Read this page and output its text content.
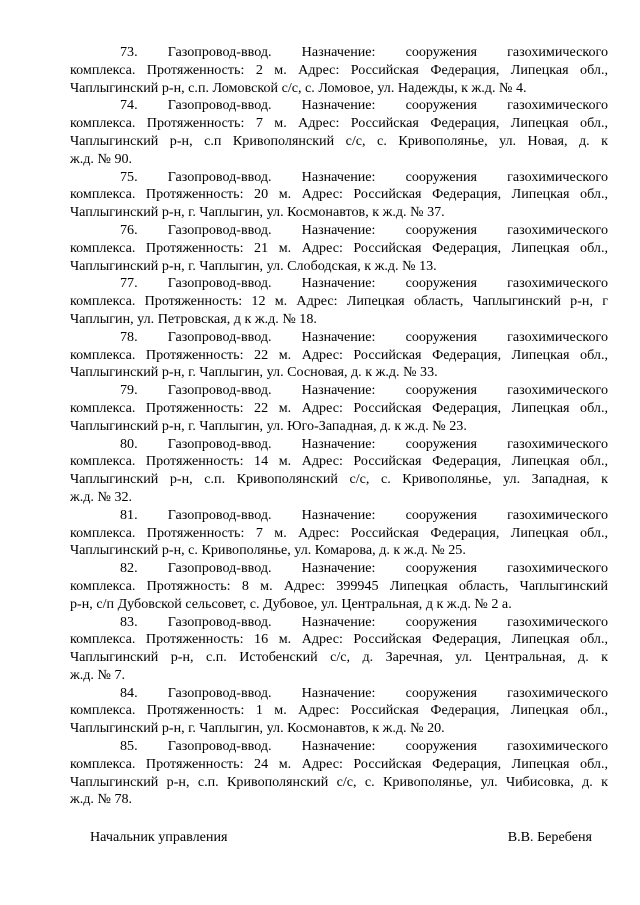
73. Газопровод-ввод. Назначение: сооружения газохимического

комплекса. Протяженность: 2 м. Адрес: Российская Федерация, Липецкая обл.,

Чаплыгинский р-н, с.п. Ломовской с/с, с. Ломовое, ул. Надежды, к ж.д. № 4.

74. Газопровод-ввод. Назначение: сооружения газохимического

комплекса. Протяженность: 7 м. Адрес: Российская Федерация, Липецкая обл.,

Чаплыгинский р-н, с.п Кривополянский с/с, с. Кривополянье, ул. Новая, д. к

ж.д. № 90.

75. Газопровод-ввод. Назначение: сооружения газохимического

комплекса. Протяженность: 20 м. Адрес: Российская Федерация, Липецкая обл.,

Чаплыгинский р-н, г. Чаплыгин, ул. Космонавтов, к ж.д. № 37.

76. Газопровод-ввод. Назначение: сооружения газохимического

комплекса. Протяженность: 21 м. Адрес: Российская Федерация, Липецкая обл.,

Чаплыгинский р-н, г. Чаплыгин, ул. Слободская, к ж.д. № 13.

77. Газопровод-ввод. Назначение: сооружения газохимического

комплекса. Протяженность: 12 м. Адрес: Липецкая область, Чаплыгинский р-н, г

Чаплыгин, ул. Петровская, д к ж.д. № 18.

78. Газопровод-ввод. Назначение: сооружения газохимического

комплекса. Протяженность: 22 м. Адрес: Российская Федерация, Липецкая обл.,

Чаплыгинский р-н, г. Чаплыгин, ул. Сосновая, д. к ж.д. № 33.

79. Газопровод-ввод. Назначение: сооружения газохимического

комплекса. Протяженность: 22 м. Адрес: Российская Федерация, Липецкая обл.,

Чаплыгинский р-н, г. Чаплыгин, ул. Юго-Западная, д. к ж.д. № 23.

80. Газопровод-ввод. Назначение: сооружения газохимического

комплекса. Протяженность: 14 м. Адрес: Российская Федерация, Липецкая обл.,

Чаплыгинский р-н, с.п. Кривополянский с/с, с. Кривополянье, ул. Западная, к

ж.д. № 32.

81. Газопровод-ввод. Назначение: сооружения газохимического

комплекса. Протяженность: 7 м. Адрес: Российская Федерация, Липецкая обл.,

Чаплыгинский р-н, с. Кривополянье, ул. Комарова, д. к ж.д. № 25.

82. Газопровод-ввод. Назначение: сооружения газохимического

комплекса. Протяжность: 8 м. Адрес: 399945 Липецкая область, Чаплыгинский

р-н, с/п Дубовской сельсовет, с. Дубовое, ул. Центральная, д к ж.д. № 2 а.

83. Газопровод-ввод. Назначение: сооружения газохимического

комплекса. Протяженность: 16 м. Адрес: Российская Федерация, Липецкая обл.,

Чаплыгинский р-н, с.п. Истобенский с/с, д. Заречная, ул. Центральная, д. к

ж.д. № 7.

84. Газопровод-ввод. Назначение: сооружения газохимического

комплекса. Протяженность: 1 м. Адрес: Российская Федерация, Липецкая обл.,

Чаплыгинский р-н, г. Чаплыгин, ул. Космонавтов, к ж.д. № 20.

85. Газопровод-ввод. Назначение: сооружения газохимического

комплекса. Протяженность: 24 м. Адрес: Российская Федерация, Липецкая обл.,

Чаплыгинский р-н, с.п. Кривополянский с/с, с. Кривополянье, ул. Чибисовка, д. к

ж.д. № 78.

Начальник управления	В.В. Беребеня
